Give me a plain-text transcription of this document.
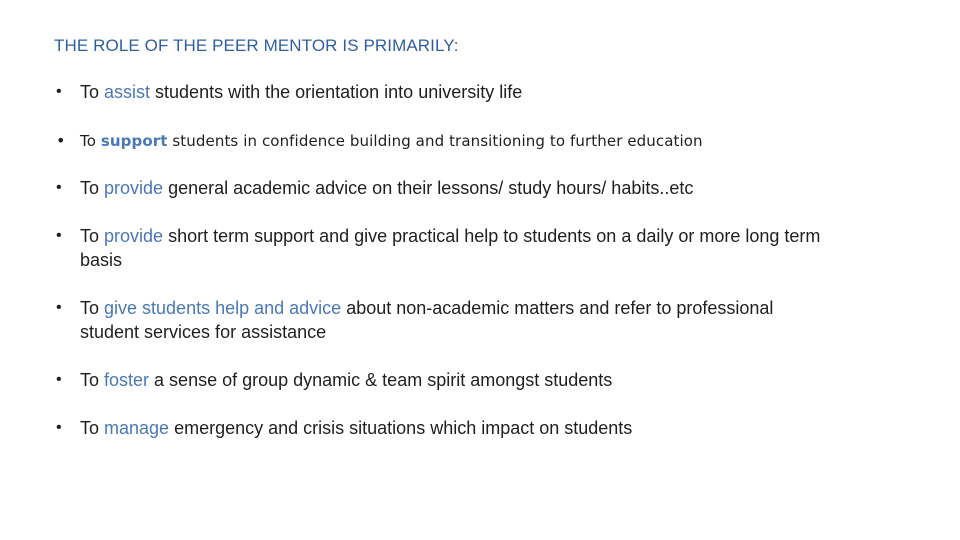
THE ROLE OF THE PEER MENTOR IS PRIMARILY:
•	To assist students with the orientation into university life
• To support students in confidence building and transitioning to further education
•	To provide general academic advice on their lessons/ study hours/ habits..etc
•	To provide short term support and give practical help to students on a daily or more long term basis
•	To give students help and advice about non-academic matters and refer to professional student services for assistance
•	To foster a sense of group dynamic & team spirit amongst students
•	To manage emergency and crisis situations which impact on students
